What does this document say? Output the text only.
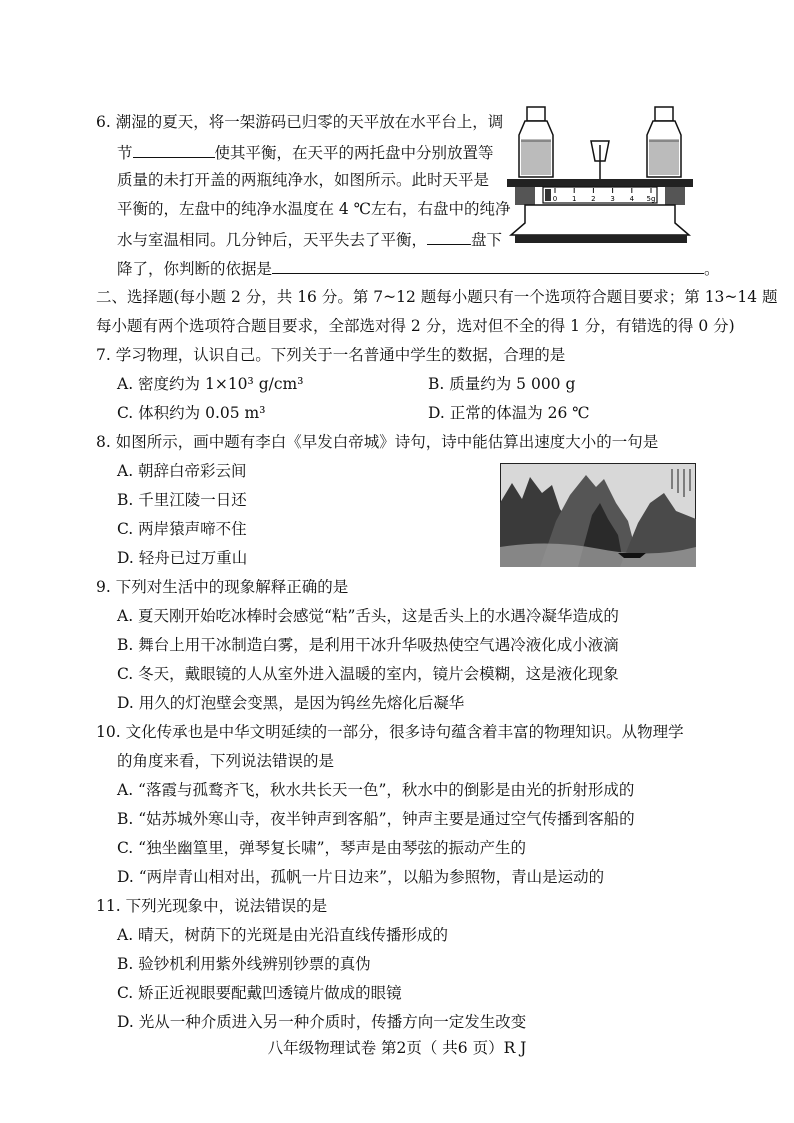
6. 潮湿的夏天，将一架游码已归零的天平放在水平台上，调
节	使其平衡，在天平的两托盘中分别放置等
质量的未打开盖的两瓶纯净水，如图所示。此时天平是
平衡的，左盘中的纯净水温度在 4 ℃左右，右盘中的纯净
水与室温相同。几分钟后，天平失去了平衡，	盘下
降了，你判断的依据是	。
0 1 2 3 4 5g
二、选择题(每小题 2 分，共 16 分。第 7~12 题每小题只有一个选项符合题目要求；第 13~14 题
每小题有两个选项符合题目要求，全部选对得 2 分，选对但不全的得 1 分，有错选的得 0 分)
7. 学习物理，认识自己。下列关于一名普通中学生的数据，合理的是
A. 密度约为 1×10³ g/cm³	B. 质量约为 5 000 g
C. 体积约为 0.05 m³	D. 正常的体温为 26 ℃
8. 如图所示，画中题有李白《早发白帝城》诗句，诗中能估算出速度大小的一句是
A. 朝辞白帝彩云间
B. 千里江陵一日还
C. 两岸猿声啼不住
D. 轻舟已过万重山
9. 下列对生活中的现象解释正确的是
A. 夏天刚开始吃冰棒时会感觉“粘”舌头，这是舌头上的水遇冷凝华造成的
B. 舞台上用干冰制造白雾，是利用干冰升华吸热使空气遇冷液化成小液滴
C. 冬天，戴眼镜的人从室外进入温暖的室内，镜片会模糊，这是液化现象
D. 用久的灯泡壁会变黑，是因为钨丝先熔化后凝华
10. 文化传承也是中华文明延续的一部分，很多诗句蕴含着丰富的物理知识。从物理学
的角度来看，下列说法错误的是
A. “落霞与孤鹜齐飞，秋水共长天一色”，秋水中的倒影是由光的折射形成的
B. “姑苏城外寒山寺，夜半钟声到客船”，钟声主要是通过空气传播到客船的
C. “独坐幽篁里，弹琴复长啸”，琴声是由琴弦的振动产生的
D. “两岸青山相对出，孤帆一片日边来”，以船为参照物，青山是运动的
11. 下列光现象中，说法错误的是
A. 晴天，树荫下的光斑是由光沿直线传播形成的
B. 验钞机利用紫外线辨别钞票的真伪
C. 矫正近视眼要配戴凹透镜片做成的眼镜
D. 光从一种介质进入另一种介质时，传播方向一定发生改变
八年级物理试卷 第2页（ 共6 页）R J
